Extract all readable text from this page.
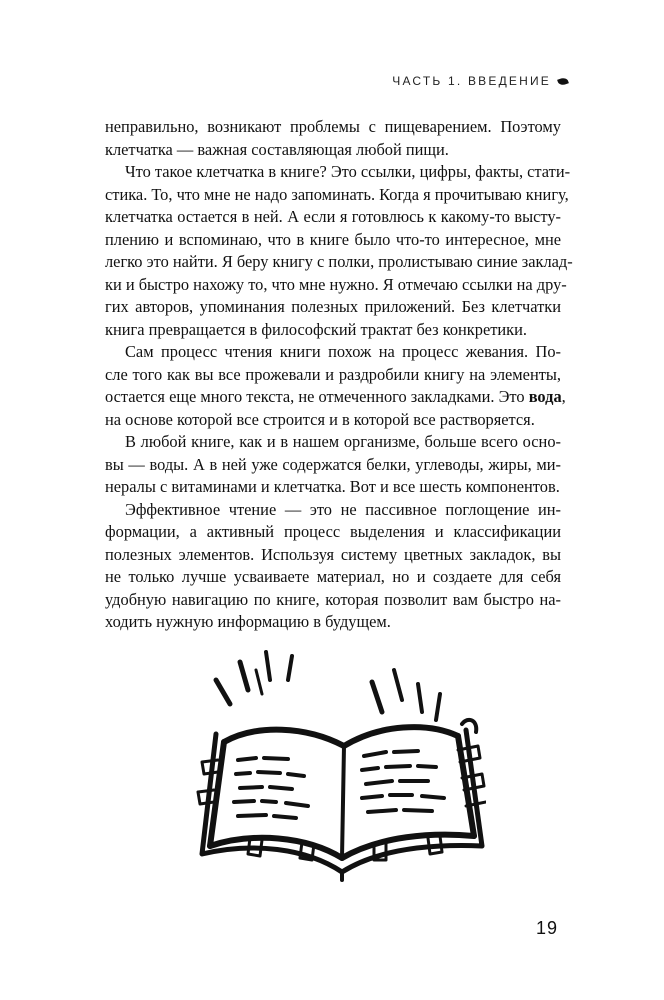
ЧАСТЬ 1. ВВЕДЕНИЕ
неправильно, возникают проблемы с пищеварением. Поэтому
клетчатка — важная составляющая любой пищи.
Что такое клетчатка в книге? Это ссылки, цифры, факты, стати-
стика. То, что мне не надо запоминать. Когда я прочитываю книгу,
клетчатка остается в ней. А если я готовлюсь к какому-то высту-
плению и вспоминаю, что в книге было что-то интересное, мне
легко это найти. Я беру книгу с полки, пролистываю синие заклад-
ки и быстро нахожу то, что мне нужно. Я отмечаю ссылки на дру-
гих авторов, упоминания полезных приложений. Без клетчатки
книга превращается в философский трактат без конкретики.
Сам процесс чтения книги похож на процесс жевания. По-
сле того как вы все прожевали и раздробили книгу на элементы,
остается еще много текста, не отмеченного закладками. Это вода,
на основе которой все строится и в которой все растворяется.
В любой книге, как и в нашем организме, больше всего осно-
вы — воды. А в ней уже содержатся белки, углеводы, жиры, ми-
нералы с витаминами и клетчатка. Вот и все шесть компонентов.
Эффективное чтение — это не пассивное поглощение ин-
формации, а активный процесс выделения и классификации
полезных элементов. Используя систему цветных закладок, вы
не только лучше усваиваете материал, но и создаете для себя
удобную навигацию по книге, которая позволит вам быстро на-
ходить нужную информацию в будущем.
19
